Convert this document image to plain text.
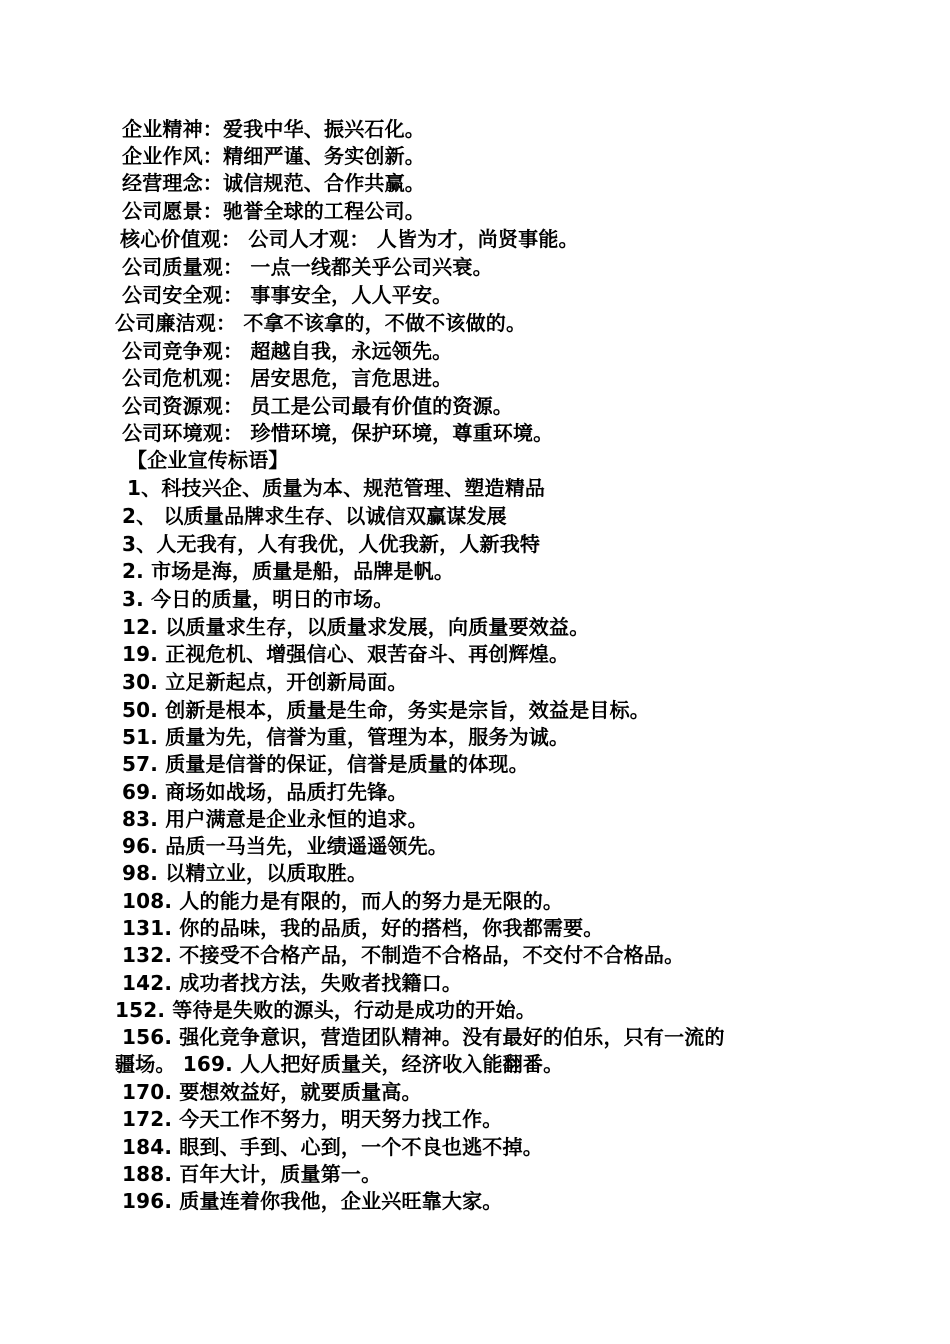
企业精神：爱我中华、振兴石化。
企业作风：精细严谨、务实创新。
经营理念：诚信规范、合作共赢。
公司愿景：驰誉全球的工程公司。
核心价值观： 公司人才观： 人皆为才，尚贤事能。
公司质量观： 一点一线都关乎公司兴衰。
公司安全观： 事事安全，人人平安。
公司廉洁观： 不拿不该拿的，不做不该做的。
公司竞争观： 超越自我，永远领先。
公司危机观： 居安思危，言危思进。
公司资源观： 员工是公司最有价值的资源。
公司环境观： 珍惜环境，保护环境，尊重环境。
【企业宣传标语】
1、科技兴企、质量为本、规范管理、塑造精品
2、 以质量品牌求生存、以诚信双赢谋发展
3、人无我有，人有我优，人优我新，人新我特
2. 市场是海，质量是船，品牌是帆。
3. 今日的质量，明日的市场。
12. 以质量求生存，以质量求发展，向质量要效益。
19. 正视危机、增强信心、艰苦奋斗、再创辉煌。
30. 立足新起点，开创新局面。
50. 创新是根本，质量是生命，务实是宗旨，效益是目标。
51. 质量为先，信誉为重，管理为本，服务为诚。
57. 质量是信誉的保证，信誉是质量的体现。
69. 商场如战场，品质打先锋。
83. 用户满意是企业永恒的追求。
96. 品质一马当先，业绩遥遥领先。
98. 以精立业，以质取胜。
108. 人的能力是有限的，而人的努力是无限的。
131. 你的品味，我的品质，好的搭档，你我都需要。
132. 不接受不合格产品，不制造不合格品，不交付不合格品。
142. 成功者找方法，失败者找籍口。
152. 等待是失败的源头，行动是成功的开始。
156. 强化竞争意识，营造团队精神。没有最好的伯乐，只有一流的
疆场。 169. 人人把好质量关，经济收入能翻番。
170. 要想效益好，就要质量高。
172. 今天工作不努力，明天努力找工作。
184. 眼到、手到、心到，一个不良也逃不掉。
188. 百年大计，质量第一。
196. 质量连着你我他，企业兴旺靠大家。
